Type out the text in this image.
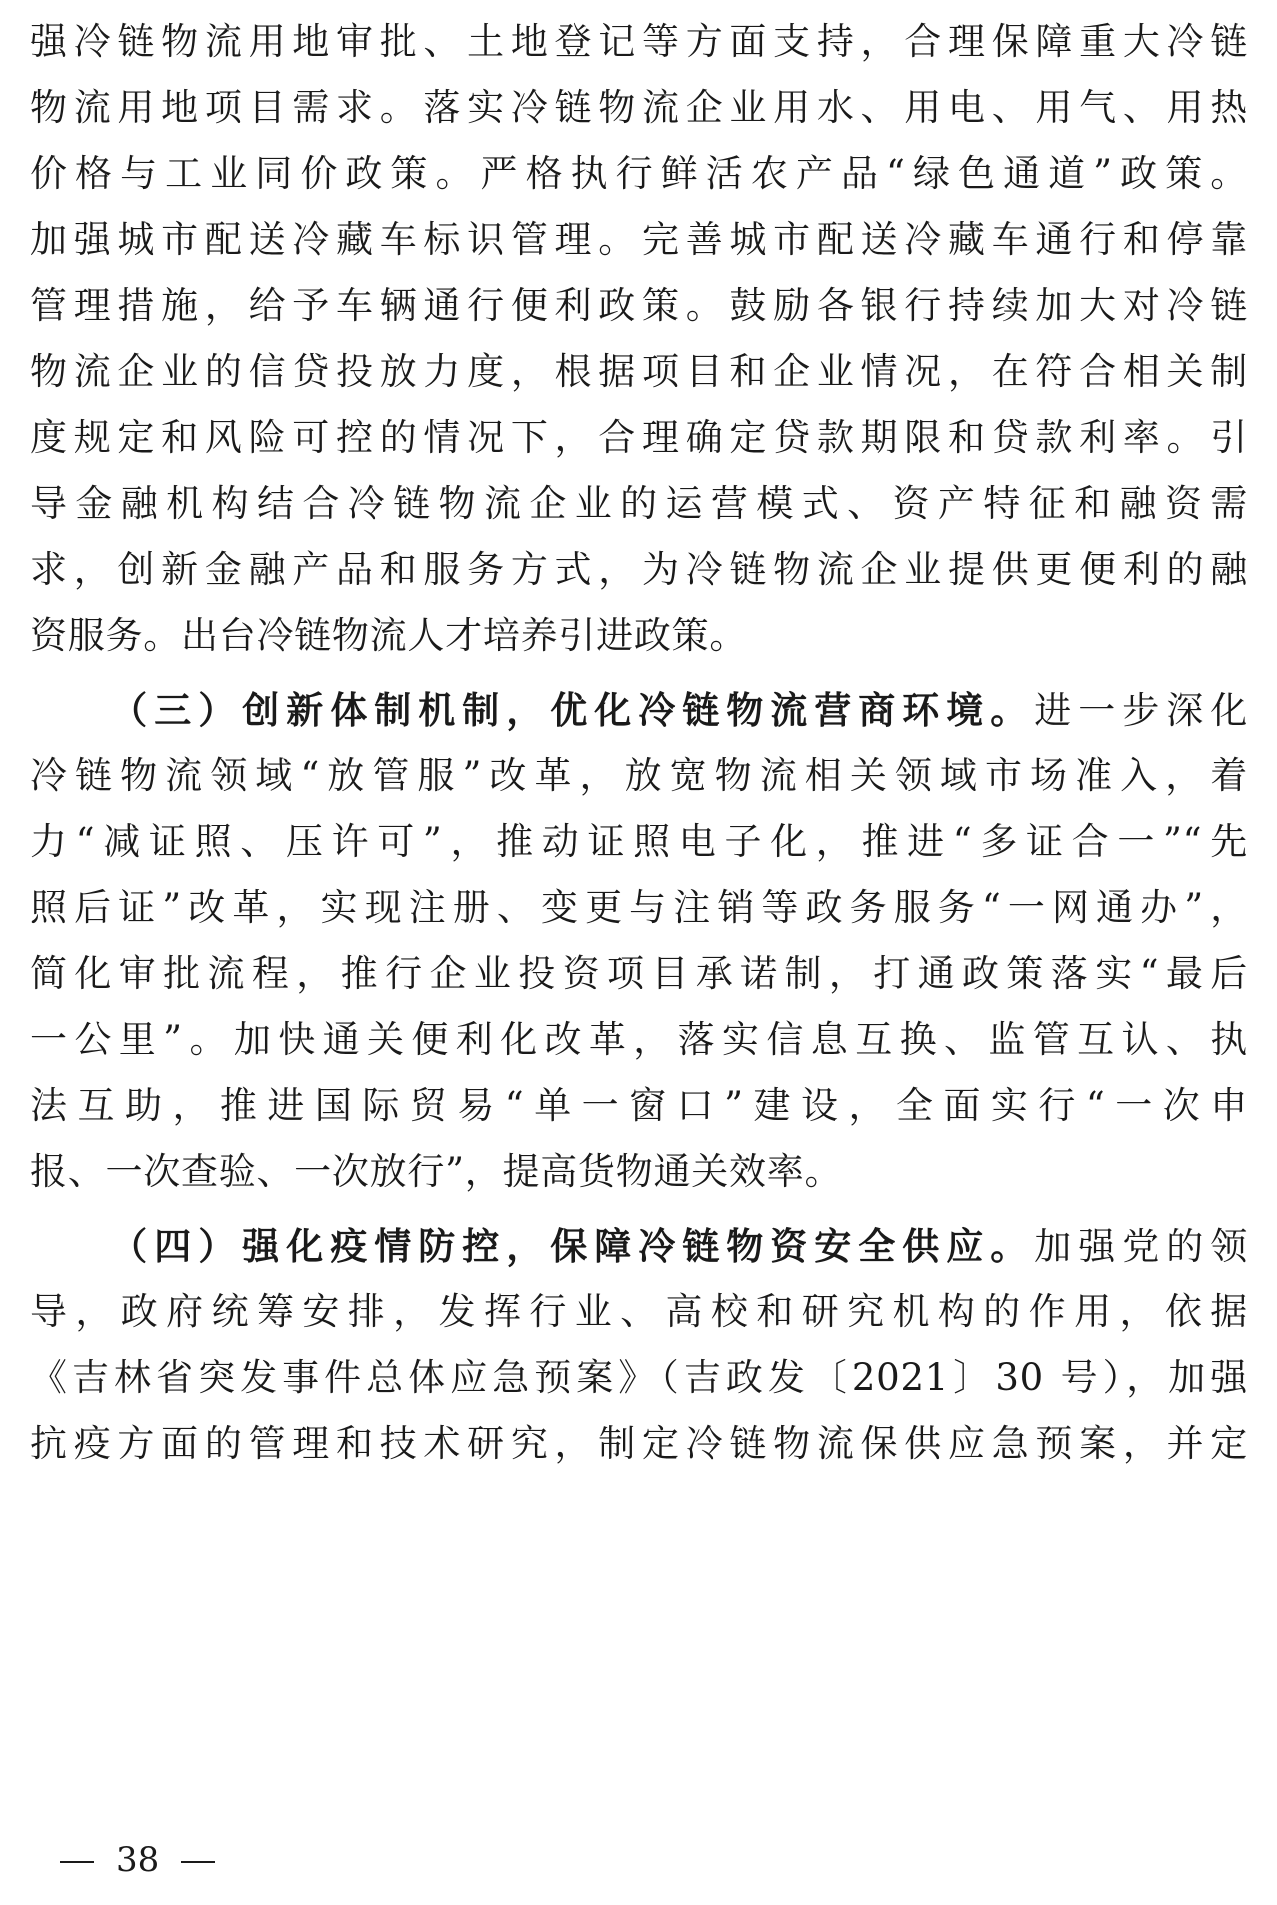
强冷链物流用地审批、土地登记等方面支持，合理保障重大冷链
物流用地项目需求。落实冷链物流企业用水、用电、用气、用热
价格与工业同价政策。严格执行鲜活农产品“绿色通道”政策。
加强城市配送冷藏车标识管理。完善城市配送冷藏车通行和停靠
管理措施，给予车辆通行便利政策。鼓励各银行持续加大对冷链
物流企业的信贷投放力度，根据项目和企业情况，在符合相关制
度规定和风险可控的情况下，合理确定贷款期限和贷款利率。引
导金融机构结合冷链物流企业的运营模式、资产特征和融资需
求，创新金融产品和服务方式，为冷链物流企业提供更便利的融
资服务。出台冷链物流人才培养引进政策。
（三）创新体制机制，优化冷链物流营商环境。进一步深化
冷链物流领域“放管服”改革，放宽物流相关领域市场准入，着
力“减证照、压许可”，推动证照电子化，推进“多证合一”“先
照后证”改革，实现注册、变更与注销等政务服务“一网通办”，
简化审批流程，推行企业投资项目承诺制，打通政策落实“最后
一公里”。加快通关便利化改革，落实信息互换、监管互认、执
法互助，推进国际贸易“单一窗口”建设，全面实行“一次申
报、一次查验、一次放行”，提高货物通关效率。
（四）强化疫情防控，保障冷链物资安全供应。加强党的领
导，政府统筹安排，发挥行业、高校和研究机构的作用，依据
《吉林省突发事件总体应急预案》（吉政发〔2021〕30 号），加强
抗疫方面的管理和技术研究，制定冷链物流保供应急预案，并定
38
